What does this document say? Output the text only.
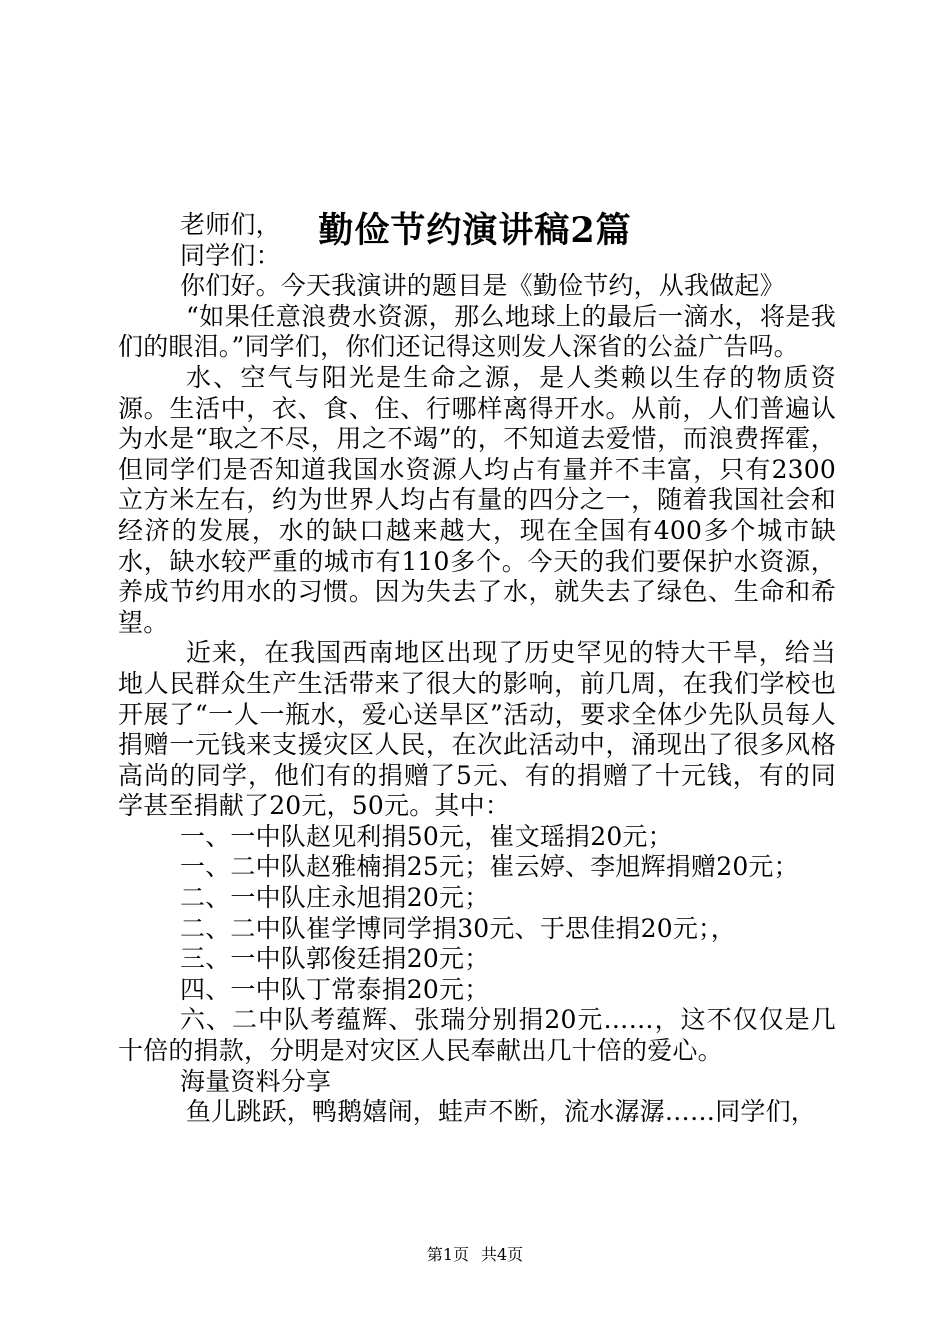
勤俭节约演讲稿2篇

老师们，

同学们：

你们好。今天我演讲的题目是《勤俭节约，从我做起》

“如果任意浪费水资源，那么地球上的最后一滴水，将是我们的眼泪。”同学们，你们还记得这则发人深省的公益广告吗。

水、空气与阳光是生命之源，是人类赖以生存的物质资源。生活中，衣、食、住、行哪样离得开水。从前，人们普遍认为水是“取之不尽，用之不竭”的，不知道去爱惜，而浪费挥霍，但同学们是否知道我国水资源人均占有量并不丰富，只有2300立方米左右，约为世界人均占有量的四分之一，随着我国社会和经济的发展，水的缺口越来越大，现在全国有400多个城市缺水，缺水较严重的城市有110多个。今天的我们要保护水资源，养成节约用水的习惯。因为失去了水，就失去了绿色、生命和希望。

近来，在我国西南地区出现了历史罕见的特大干旱，给当地人民群众生产生活带来了很大的影响，前几周，在我们学校也开展了“一人一瓶水，爱心送旱区”活动，要求全体少先队员每人捐赠一元钱来支援灾区人民，在次此活动中，涌现出了很多风格高尚的同学，他们有的捐赠了5元、有的捐赠了十元钱，有的同学甚至捐献了20元，50元。其中：

一、一中队赵见利捐50元，崔文瑶捐20元；

一、二中队赵雅楠捐25元；崔云婷、李旭辉捐赠20元；

二、一中队庄永旭捐20元；

二、二中队崔学博同学捐30元、于思佳捐20元；，

三、一中队郭俊廷捐20元；

四、一中队丁常泰捐20元；

六、二中队考蕴辉、张瑞分别捐20元……，这不仅仅是几十倍的捐款，分明是对灾区人民奉献出几十倍的爱心。

海量资料分享

鱼儿跳跃，鸭鹅嬉闹，蛙声不断，流水潺潺……同学们，

第1页 共4页
